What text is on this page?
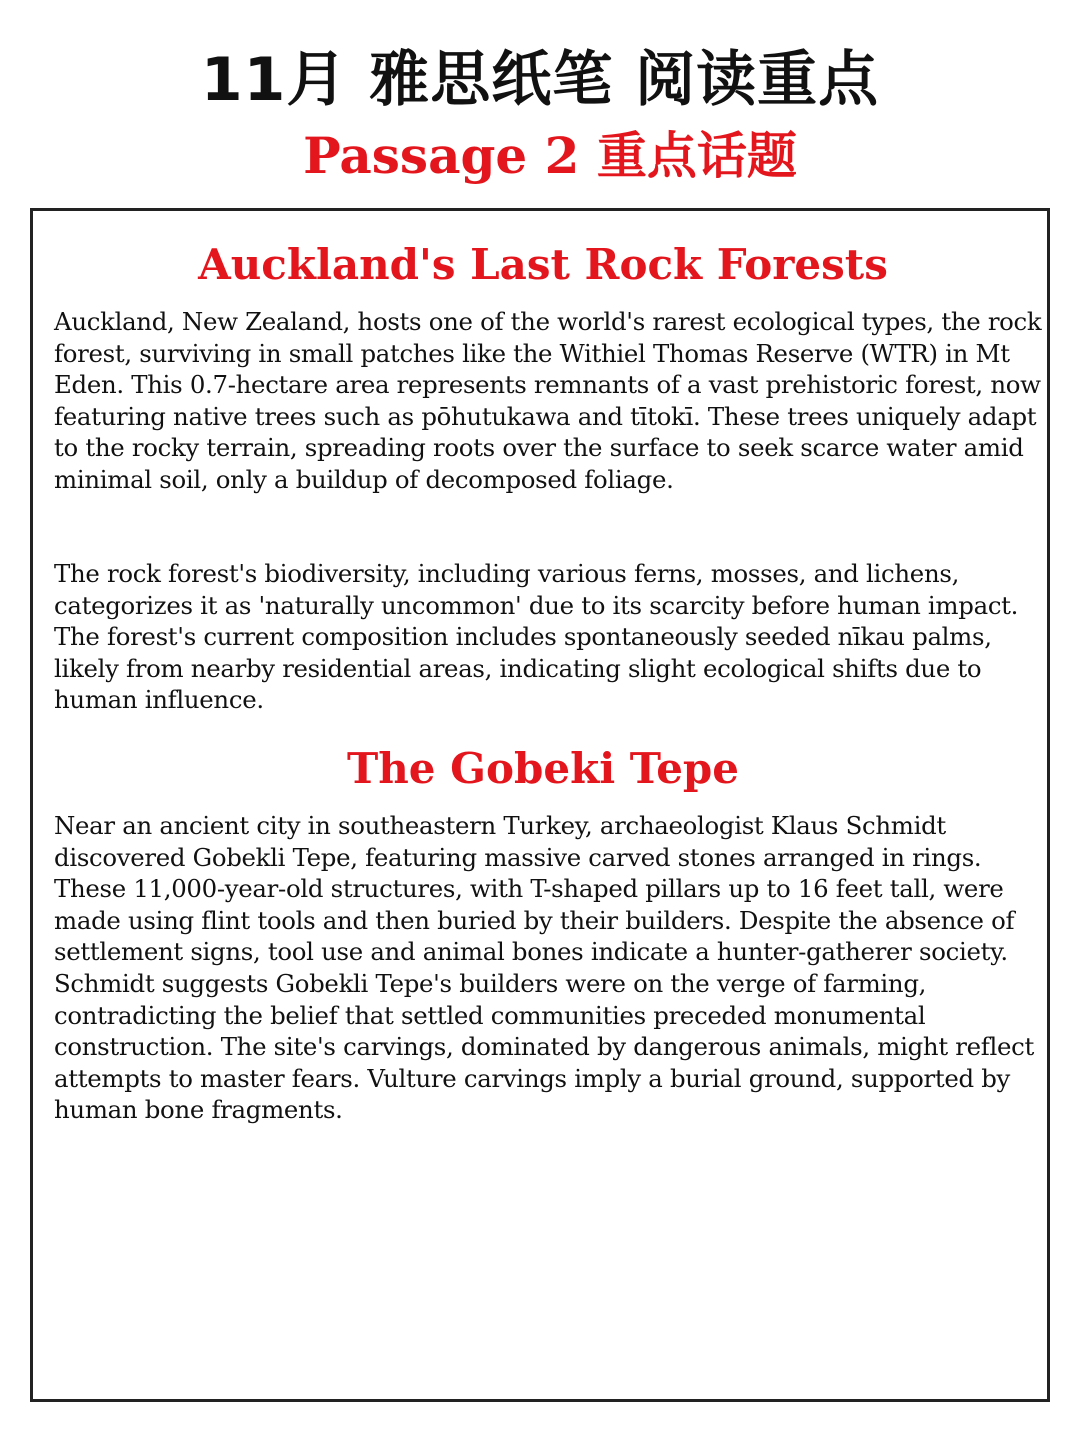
11月 雅思纸笔 阅读重点
Passage 2 重点话题
Auckland's Last Rock Forests

Auckland, New Zealand, hosts one of the world's rarest ecological types, the rock forest, surviving in small patches like the Withiel Thomas Reserve (WTR) in Mt Eden. This 0.7-hectare area represents remnants of a vast prehistoric forest, now featuring native trees such as pōhutukawa and tītokī. These trees uniquely adapt to the rocky terrain, spreading roots over the surface to seek scarce water amid minimal soil, only a buildup of decomposed foliage.

The rock forest's biodiversity, including various ferns, mosses, and lichens, categorizes it as 'naturally uncommon' due to its scarcity before human impact. The forest's current composition includes spontaneously seeded nīkau palms, likely from nearby residential areas, indicating slight ecological shifts due to human influence.

The Gobeki Tepe

Near an ancient city in southeastern Turkey, archaeologist Klaus Schmidt discovered Gobekli Tepe, featuring massive carved stones arranged in rings. These 11,000-year-old structures, with T-shaped pillars up to 16 feet tall, were made using flint tools and then buried by their builders. Despite the absence of settlement signs, tool use and animal bones indicate a hunter-gatherer society. Schmidt suggests Gobekli Tepe's builders were on the verge of farming, contradicting the belief that settled communities preceded monumental construction. The site's carvings, dominated by dangerous animals, might reflect attempts to master fears. Vulture carvings imply a burial ground, supported by human bone fragments.
